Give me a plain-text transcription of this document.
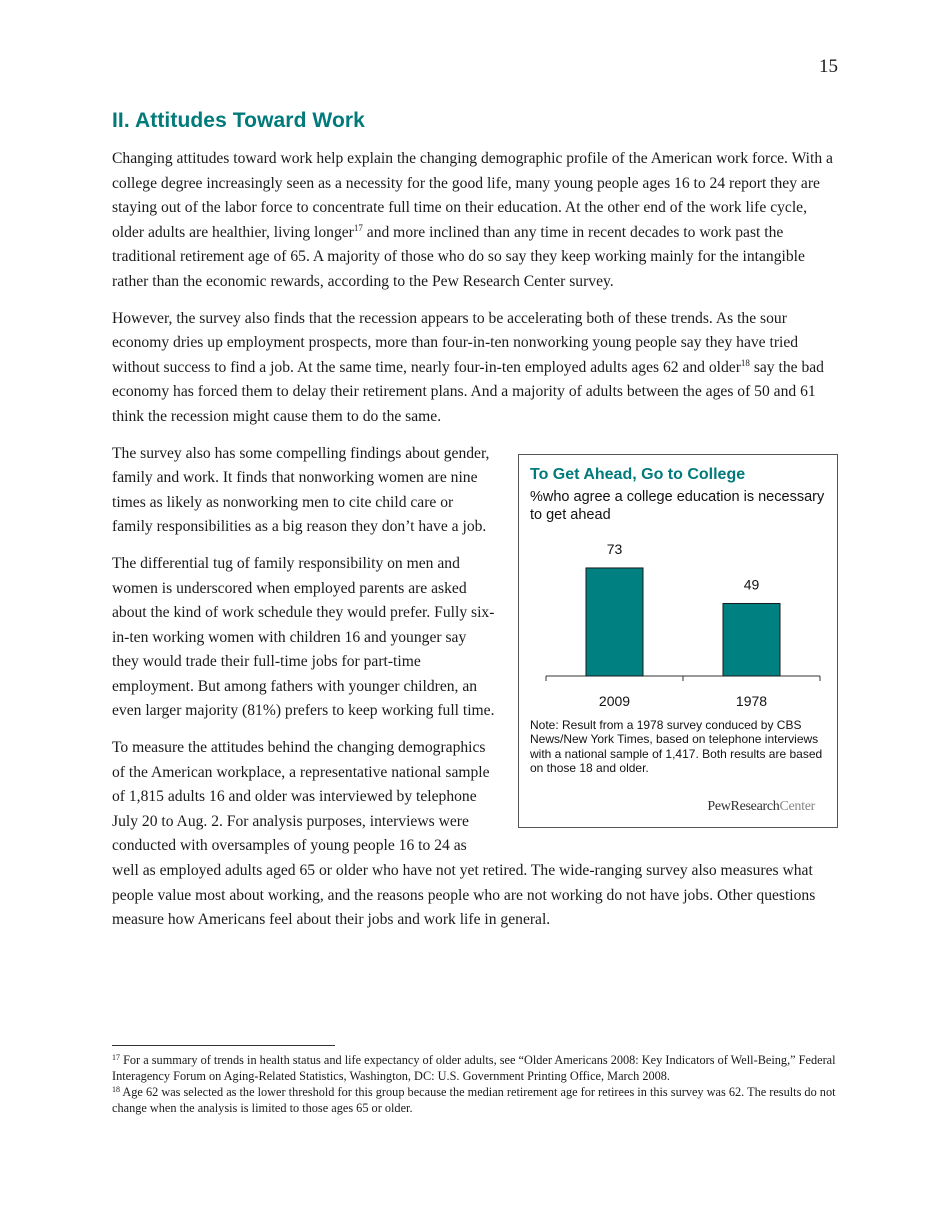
15
II. Attitudes Toward Work

Changing attitudes toward work help explain the changing demographic profile of the American work force. With a college degree increasingly seen as a necessity for the good life, many young people ages 16 to 24 report they are staying out of the labor force to concentrate full time on their education. At the other end of the work life cycle, older adults are healthier, living longer$^{17}$ and more inclined than any time in recent decades to work past the traditional retirement age of 65. A majority of those who do so say they keep working mainly for the intangible rather than the economic rewards, according to the Pew Research Center survey.

However, the survey also finds that the recession appears to be accelerating both of these trends. As the sour economy dries up employment prospects, more than four-in-ten nonworking young people say they have tried without success to find a job. At the same time, nearly four-in-ten employed adults ages 62 and older$^{18}$ say the bad economy has forced them to delay their retirement plans. And a majority of adults between the ages of 50 and 61 think the recession might cause them to do the same.

To Get Ahead, Go to College
%who agree a college education is necessary to get ahead
73
2009
49
1978
Note: Result from a 1978 survey conduced by CBS News/New York Times, based on telephone interviews with a national sample of 1,417. Both results are based on those 18 and older.
PewResearchCenter

The survey also has some compelling findings about gender, family and work. It finds that nonworking women are nine times as likely as nonworking men to cite child care or family responsibilities as a big reason they don’t have a job.

The differential tug of family responsibility on men and women is underscored when employed parents are asked about the kind of work schedule they would prefer. Fully six-in-ten working women with children 16 and younger say they would trade their full-time jobs for part-time employment. But among fathers with younger children, an even larger majority (81%) prefers to keep working full time.

To measure the attitudes behind the changing demographics of the American workplace, a representative national sample of 1,815 adults 16 and older was interviewed by telephone July 20 to Aug. 2. For analysis purposes, interviews were conducted with oversamples of young people 16 to 24 as well as employed adults aged 65 or older who have not yet retired. The wide-ranging survey also measures what people value most about working, and the reasons people who are not working do not have jobs. Other questions measure how Americans feel about their jobs and work life in general.

$^{17}$ For a summary of trends in health status and life expectancy of older adults, see “Older Americans 2008: Key Indicators of Well-Being,” Federal Interagency Forum on Aging-Related Statistics, Washington, DC: U.S. Government Printing Office, March 2008.

$^{18}$ Age 62 was selected as the lower threshold for this group because the median retirement age for retirees in this survey was 62. The results do not change when the analysis is limited to those ages 65 or older.
